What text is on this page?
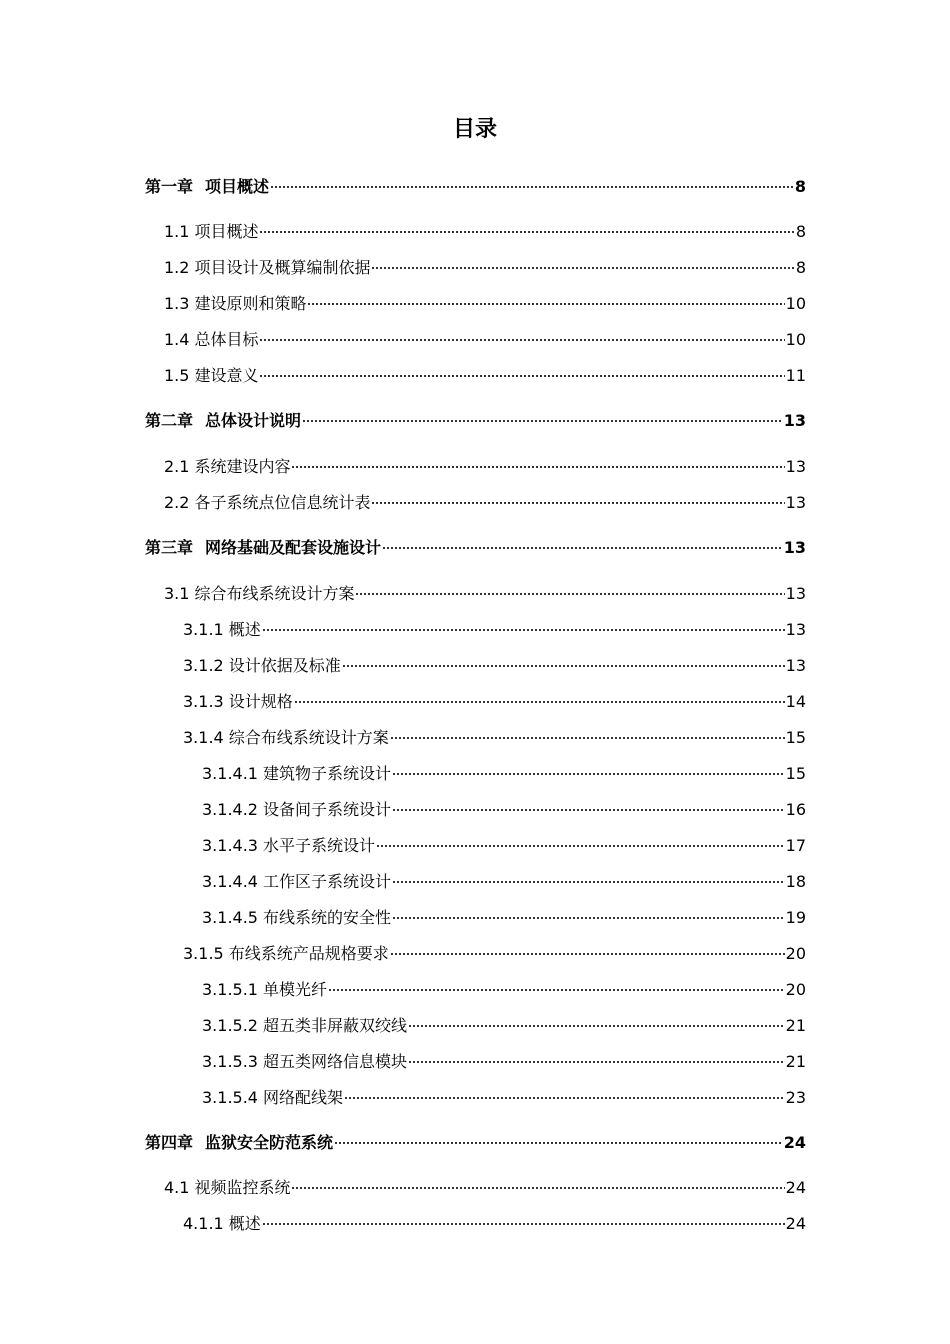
目录
第一章 项目概述	8
1.1 项目概述	8
1.2 项目设计及概算编制依据	8
1.3 建设原则和策略	10
1.4 总体目标	10
1.5 建设意义	11
第二章 总体设计说明	13
2.1 系统建设内容	13
2.2 各子系统点位信息统计表	13
第三章 网络基础及配套设施设计	13
3.1 综合布线系统设计方案	13
3.1.1 概述	13
3.1.2 设计依据及标准	13
3.1.3 设计规格	14
3.1.4 综合布线系统设计方案	15
3.1.4.1 建筑物子系统设计	15
3.1.4.2 设备间子系统设计	16
3.1.4.3 水平子系统设计	17
3.1.4.4 工作区子系统设计	18
3.1.4.5 布线系统的安全性	19
3.1.5 布线系统产品规格要求	20
3.1.5.1 单模光纤	20
3.1.5.2 超五类非屏蔽双绞线	21
3.1.5.3 超五类网络信息模块	21
3.1.5.4 网络配线架	23
第四章 监狱安全防范系统	24
4.1 视频监控系统	24
4.1.1 概述	24
